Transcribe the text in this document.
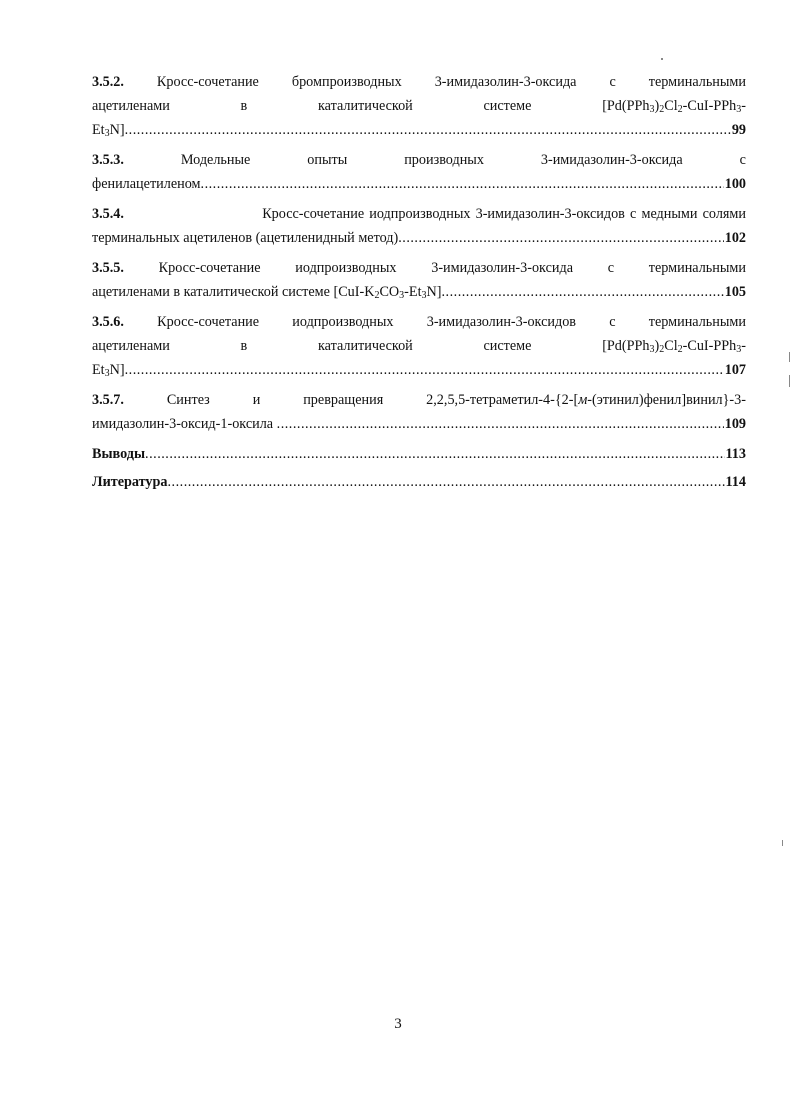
3.5.2. Кросс-сочетание бромпроизводных 3-имидазолин-3-оксида с терминальными
ацетиленами	в	каталитической	системе	[$Pd(PPh_3)_2Cl_2-CuI-PPh_3-$
$Et_3N$] .....	99
3.5.3.	Модельные	опыты	производных	3-имидазолин-3-оксида	с
фенилацетиленом .....	100
3.5.4.	Кросс-сочетание иодпроизводных 3-имидазолин-3-оксидов с медными солями
терминальных ацетиленов (ацетиленидный метод) .....	102
3.5.5. Кросс-сочетание иодпроизводных 3-имидазолин-3-оксида с терминальными
ацетиленами в каталитической системе $[CuI-K_2CO_3-Et_3N]$ .....	105
3.5.6. Кросс-сочетание иодпроизводных 3-имидазолин-3-оксидов с терминальными
ацетиленами	в	каталитической	системе	[$Pd(PPh_3)_2Cl_2-CuI-PPh_3-$
$Et_3N$] .....	107
3.5.7.	Синтез	и	превращения	2,2,5,5-тетраметил-4-{2-[м-(этинил)фенил]винил}-3-
имидазолин-3-оксид-1-оксила .....	109
Выводы .....	113
Литература .....	114
3
